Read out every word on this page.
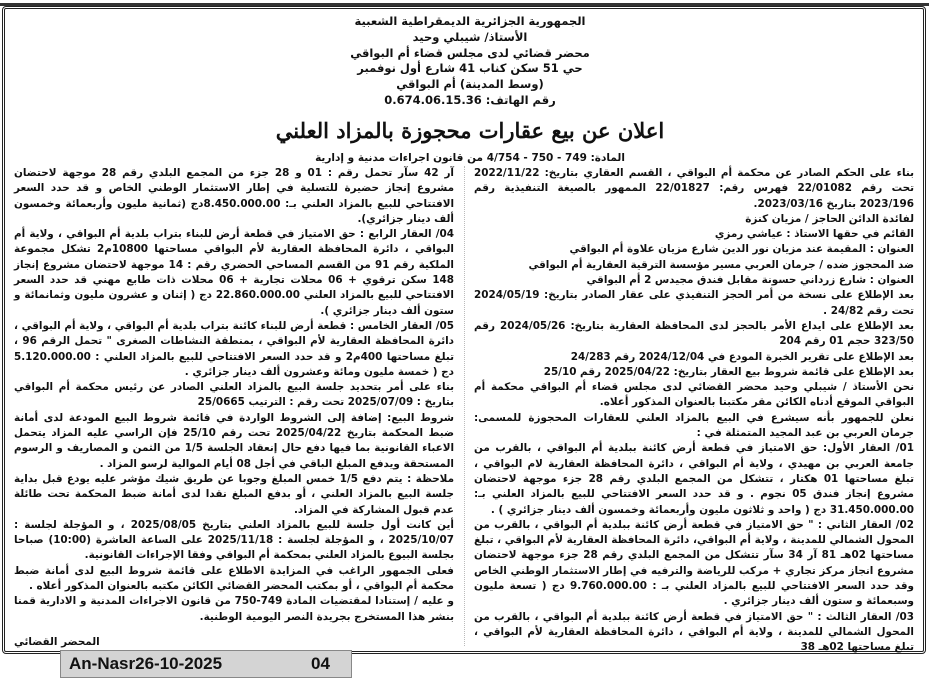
الجمهورية الجزائرية الديمقراطية الشعبية
الأستاذ/ شيبلي وحيد
محضر قضائي لدى مجلس قضاء أم البواقي
حي 51 سكن كناب 41 شارع أول نوفمبر
(وسط المدينة) أم البواقي
رقم الهاتف: 0.674.06.15.36
اعلان عن بيع عقارات محجوزة بالمزاد العلني
المادة: 749 - 750 - 4/754 من قانون اجراءات مدنية و إدارية

بناء على الحكم الصادر عن محكمة أم البواقي ، القسم العقاري بتاريخ: 2022/11/22 تحت رقم 22/01082 فهرس رقم: 22/01827 الممهور بالصيغة التنفيذية رقم 2023/196 بتاريخ 2023/03/16.

لفائدة الدائن الحاجز / مزيان كنزة

القائم في حقها الاستاذ : عياشي رمزي

العنوان : المقيمة عند مزيان نور الدين شارع مزيان علاوة أم البواقي

ضد المحجوز ضده / جرمان العربي مسير مؤسسة الترقية العقارية أم البواقي

العنوان : شارع زرداني حسونة مقابل فندق مجيدس 2 أم البواقي

بعد الإطلاع على نسخة من أمر الحجز التنفيذي على عقار الصادر بتاريخ: 2024/05/19 تحت رقم 24/82 .

بعد الإطلاع على ايداع الأمر بالحجز لدى المحافظة العقارية بتاريخ: 2024/05/26 رقم 323/50 حجم 01 رقم 204

بعد الإطلاع على تقرير الخبرة المودع في 2024/12/04 رقم 24/283

بعد الإطلاع على قائمة شروط بيع العقار بتاريخ: 2025/04/22 رقم 25/10

نحن الأستاذ / شيبلي وحيد محضر القضائي لدى مجلس قضاء أم البواقي محكمة أم البواقي الموقع أدناه الكائن مقر مكتبنا بالعنوان المذكور أعلاه.

نعلن للجمهور بأنه سيشرع في البيع بالمزاد العلني للعقارات المحجوزة للمسمى: جرمان العربي بن عبد المجيد المتمثلة في :

01/ العقار الأول: حق الامتياز في قطعة أرض كائنة ببلدية أم البواقي ، بالقرب من جامعة العربي بن مهيدي ، ولاية أم البواقي ، دائرة المحافظة العقارية لام البواقي ، تبلغ مساحتها 01 هكتار ، تتشكل من المجمع البلدي رقم 28 جزء موجهة لاحتضان مشروع إنجاز فندق 05 نجوم . و قد حدد السعر الافتتاحي للبيع بالمزاد العلني بـ: 31.450.000.00 دج ( واحد و ثلاثون مليون وأربعمائة وخمسون ألف دينار جزائري ) .

02/ العقار الثاني : " حق الامتياز في قطعة أرض كائنة ببلدية أم البواقي ، بالقرب من المحول الشمالي للمدينة ، ولاية أم البواقي، دائرة المحافظة العقارية لأم البواقي ، تبلغ مساحتها 02هـ 81 آر 34 سآر تتشكل من المجمع البلدي رقم 28 جزء موجهة لاحتضان مشروع انجاز مركز تجاري + مركب للرياضة والترفيه في إطار الاستثمار الوطني الخاص وقد حدد السعر الافتتاحي للبيع بالمزاد العلني بـ : 9.760.000.00 دج ( تسعة مليون وسبعمائة و ستون ألف دينار جزائري .

03/ العقار الثالث : " حق الامتياز في قطعة أرض كائنة ببلدية أم البواقي ، بالقرب من المحول الشمالي للمدينة ، ولاية أم البواقي ، دائرة المحافظة العقارية لأم البواقي ، تبلغ مساحتها 02هـ 38

آر 42 سآر تحمل رقم : 01 و 28 جزء من المجمع البلدي رقم 28 موجهة لاحتضان مشروع إنجاز حضيرة للتسلية في إطار الاستثمار الوطني الخاص و قد حدد السعر الافتتاحي للبيع بالمزاد العلني بـ: 8.450.000.00دج (ثمانية مليون وأربعمائة وخمسون ألف دينار جزائري).

04/ العقار الرابع : حق الامتياز في قطعة أرض للبناء بتراب بلدية أم البواقي ، ولاية أم البواقي ، دائرة المحافظة العقارية لأم البواقي مساحتها 10800م2 تشكل مجموعة الملكية رقم 91 من القسم المساحي الحضري رقم : 14 موجهة لاحتضان مشروع إنجاز 148 سكن ترقوي + 06 محلات تجارية + 06 محلات ذات طابع مهني قد حدد السعر الافتتاحي للبيع بالمزاد العلني 22.860.000.00 دج ( إثنان و عشرون مليون وثمانمائة و ستون ألف دينار جزائري ).

05/ العقار الخامس : قطعة أرض للبناء كائنة بتراب بلدية أم البواقي ، ولاية أم البواقي ، دائرة المحافظة العقارية لأم البواقي ، بمنطقة النشاطات الصغرى " تحمل الرقم 96 ، تبلغ مساحتها 400م2 و قد حدد السعر الافتتاحي للبيع بالمزاد العلني : 5.120.000.00 دج ( خمسة مليون ومائة وعشرون ألف دينار جزائري .

بناء على أمر بتحديد جلسة البيع بالمزاد العلني الصادر عن رئيس محكمة أم البواقي بتاريخ : 2025/07/09 تحت رقم : الترتيب 25/0665

شروط البيع: إضافة إلى الشروط الواردة في قائمة شروط البيع المودعة لدى أمانة ضبط المحكمة بتاريخ 2025/04/22 تحت رقم 25/10 فإن الراسي عليه المزاد يتحمل الاعباء القانونية بما فيها دفع حال إنعقاد الجلسة 1/5 من الثمن و المصاريف و الرسوم المستحقة ويدفع المبلغ الباقي في أجل 08 أيام الموالية لرسو المزاد .

ملاحظة : يتم دفع 1/5 خمس المبلغ وجوبا عن طريق شيك مؤشر عليه يودع قبل بداية جلسة البيع بالمزاد العلني ، أو بدفع المبلغ نقدا لدى أمانة ضبط المحكمة تحت طائلة عدم قبول المشاركة في المزاد.

أين كانت أول جلسة للبيع بالمزاد العلني بتاريخ 2025/08/05 ، و المؤجلة لجلسة : 2025/10/07 ، و المؤجلة لجلسة : 2025/11/18 على الساعة العاشرة (10:00) صباحا بجلسة البيوع بالمزاد العلني بمحكمة أم البواقي وفقا الإجراءات القانونية.

فعلى الجمهور الراغب في المزايدة الاطلاع على قائمة شروط البيع لدى أمانة ضبط محكمة أم البواقي ، أو بمكتب المحضر القضائي الكائن مكتبه بالعنوان المذكور أعلاه .

و عليه / إستنادا لمقتضيات المادة 749-750 من قانون الاجراءات المدنية و الادارية قمنا بنشر هذا المستخرج بجريدة النصر اليومية الوطنية.

المحضر القضائي

An-Nasr26-10-2025	04
